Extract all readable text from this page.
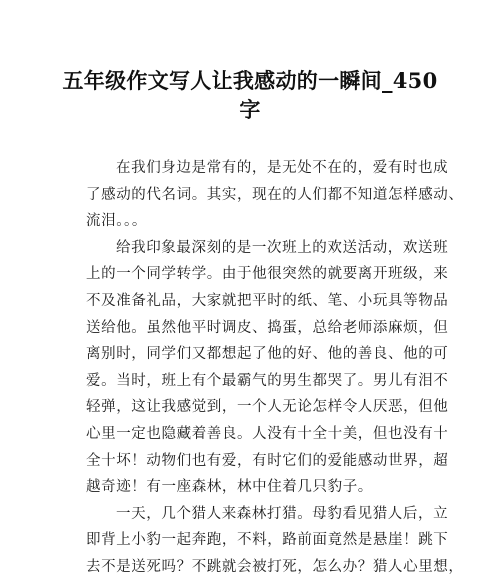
五年级作文写人让我感动的一瞬间_450
字
在我们身边是常有的，是无处不在的，爱有时也成
了感动的代名词。其实，现在的人们都不知道怎样感动、
流泪。。。
给我印象最深刻的是一次班上的欢送活动，欢送班
上的一个同学转学。由于他很突然的就要离开班级，来
不及准备礼品，大家就把平时的纸、笔、小玩具等物品
送给他。虽然他平时调皮、捣蛋，总给老师添麻烦，但
离别时，同学们又都想起了他的好、他的善良、他的可
爱。当时，班上有个最霸气的男生都哭了。男儿有泪不
轻弹，这让我感觉到，一个人无论怎样令人厌恶，但他
心里一定也隐藏着善良。人没有十全十美，但也没有十
全十坏！动物们也有爱，有时它们的爱能感动世界，超
越奇迹！有一座森林，林中住着几只豹子。
一天，几个猎人来森林打猎。母豹看见猎人后，立
即背上小豹一起奔跑，不料，路前面竟然是悬崖！跳下
去不是送死吗？不跳就会被打死，怎么办？猎人心里想，
